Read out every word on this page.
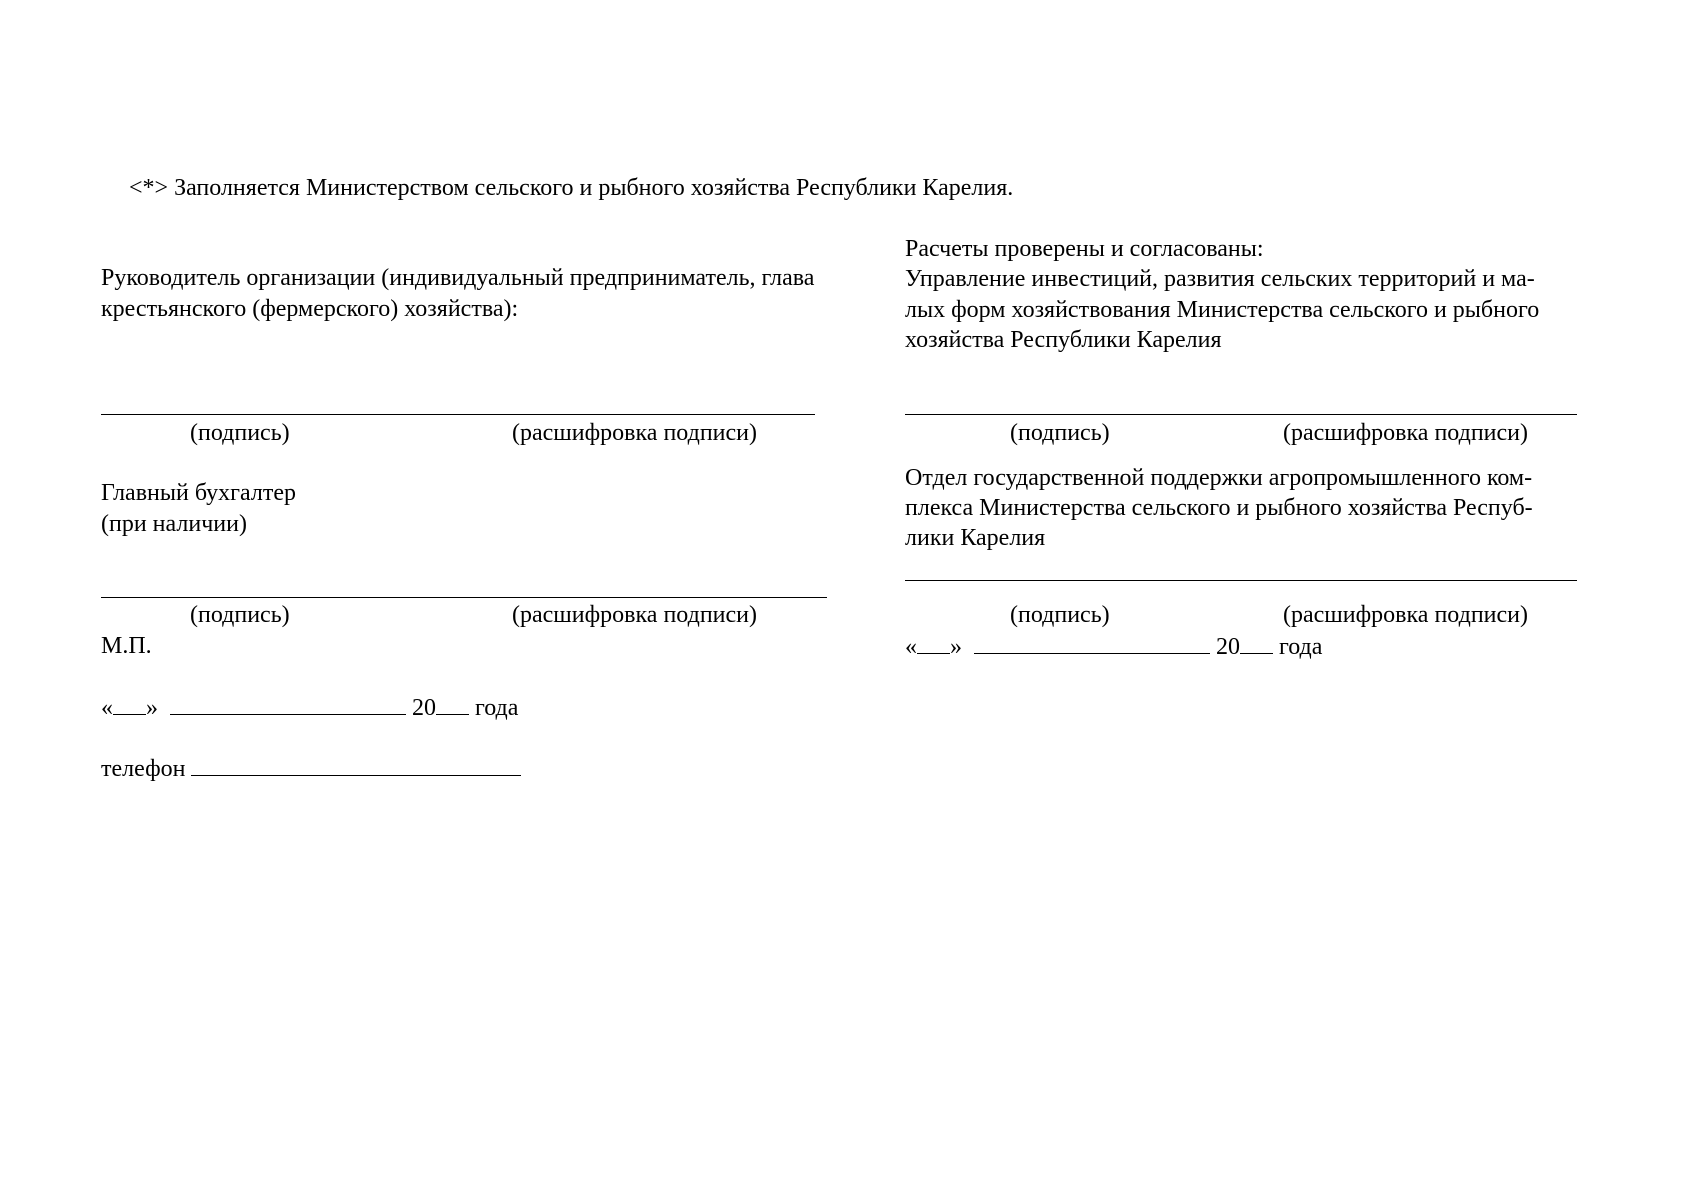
<*> Заполняется Министерством сельского и рыбного хозяйства Республики Карелия.
Руководитель организации (индивидуальный предприниматель, глава
крестьянского (фермерского) хозяйства):
(подпись)	(расшифровка подписи)
Главный бухгалтер
(при наличии)
(подпись)	(расшифровка подписи)
М.П.
« »	20 года
телефон
Расчеты проверены и согласованы:
Управление инвестиций, развития сельских территорий и ма-
лых форм хозяйствования Министерства сельского и рыбного
хозяйства Республики Карелия
(подпись)	(расшифровка подписи)
Отдел государственной поддержки агропромышленного ком-
плекса Министерства сельского и рыбного хозяйства Респуб-
лики Карелия
(подпись)	(расшифровка подписи)
« »	20 года
